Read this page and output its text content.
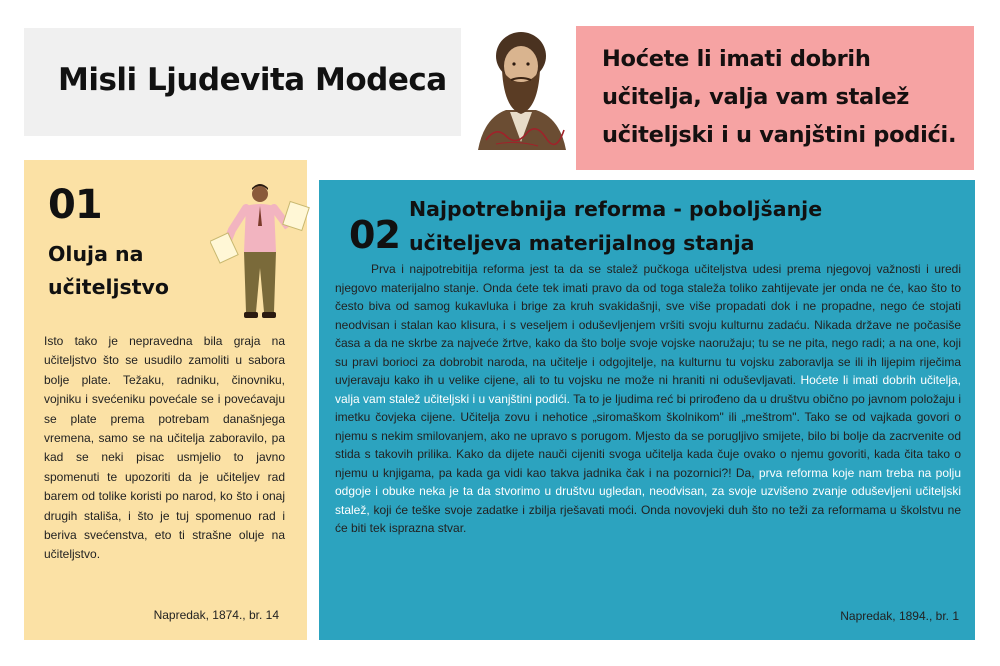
Misli Ljudevita Modeca

Hoćete li imati dobrih učitelja, valja vam stalež učiteljski i u vanjštini podići.

01
Oluja na učiteljstvo
Isto tako je nepravedna bila graja na učiteljstvo što se usudilo zamoliti u sabora bolje plate. Težaku, radniku, činovniku, vojniku i svećeniku povećale se i povećavaju se plate prema potrebam današnjega vremena, samo se na učitelja zaboravilo, pa kad se neki pisac usmjelio to javno spomenuti te upozoriti da je učiteljev rad barem od tolike koristi po narod, ko što i onaj drugih stališa, i što je tuj spomenuo rad i beriva svećenstva, eto ti strašne oluje na učiteljstvo.
Napredak, 1874., br. 14
02
Najpotrebnija reforma - poboljšanje učiteljeva materijalnog stanja
Prva i najpotrebitija reforma jest ta da se stalež pučkoga učiteljstva udesi prema njegovoj važnosti i uredi njegovo materijalno stanje. Onda ćete tek imati pravo da od toga staleža toliko zahtijevate jer onda ne će, kao što to često biva od samog kukavluka i brige za kruh svakidašnji, sve više propadati dok i ne propadne, nego će stojati neodvisan i stalan kao klisura, i s veseljem i oduševljenjem vršiti svoju kulturnu zadaću. Nikada države ne počasiše časa a da ne skrbe za najveće žrtve, kako da što bolje svoje vojske naoružaju; tu se ne pita, nego radi; a na one, koji su pravi borioci za dobrobit naroda, na učitelje i odgojitelje, na kulturnu tu vojsku zaboravlja se ili ih lijepim riječima uvjeravaju kako ih u velike cijene, ali to tu vojsku ne može ni hraniti ni oduševljavati. Hoćete li imati dobrih učitelja, valja vam stalež učiteljski i u vanjštini podići. Ta to je ljudima reć bi prirođeno da u društvu obično po javnom položaju i imetku čovjeka cijene. Učitelja zovu i nehotice „siromaškom školnikom" ili „meštrom". Tako se od vajkada govori o njemu s nekim smilovanjem, ako ne upravo s porugom. Mjesto da se porugljivo smijete, bilo bi bolje da zacrvenite od stida s takovih prilika. Kako da dijete nauči cijeniti svoga učitelja kada čuje ovako o njemu govoriti, kada čita tako o njemu u knjigama, pa kada ga vidi kao takva jadnika čak i na pozornici?! Da, prva reforma koje nam treba na polju odgoje i obuke neka je ta da stvorimo u društvu ugledan, neodvisan, za svoje uzvišeno zvanje oduševljeni učiteljski stalež, koji će teške svoje zadatke i zbilja rješavati moći. Onda novovjeki duh što no teži za reformama u školstvu ne će biti tek isprazna stvar.
Napredak, 1894., br. 1
